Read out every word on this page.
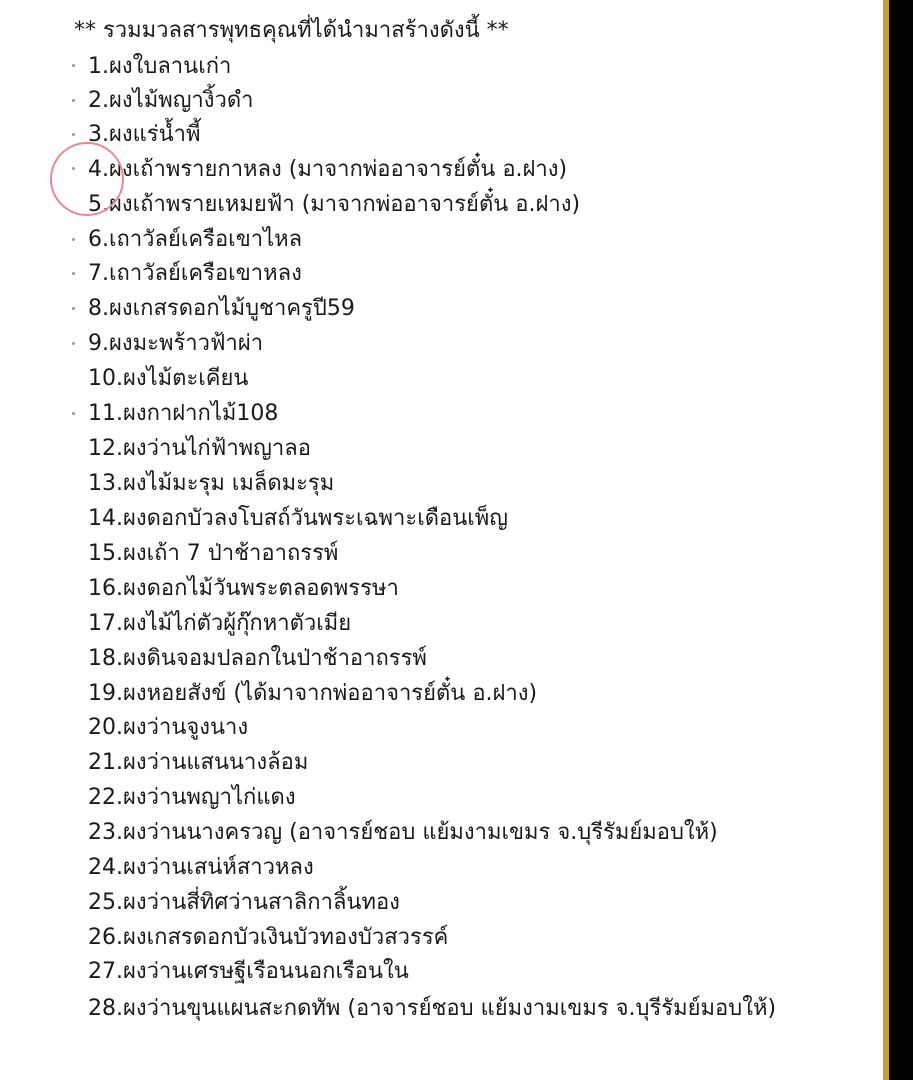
** รวมมวลสารพุทธคุณที่ได้นำมาสร้างดังนี้ **
1.ผงใบลานเก่า
2.ผงไม้พญางิ้วดำ
3.ผงแร่น้ำพี้
4.ผงเถ้าพรายกาหลง (มาจากพ่ออาจารย์ตั๋น อ.ฝาง)
5.ผงเถ้าพรายเหมยฟ้า (มาจากพ่ออาจารย์ตั๋น อ.ฝาง)
6.เถาวัลย์เครือเขาไหล
7.เถาวัลย์เครือเขาหลง
8.ผงเกสรดอกไม้บูชาครูปี59
9.ผงมะพร้าวฟ้าผ่า
10.ผงไม้ตะเคียน
11.ผงกาฝากไม้108
12.ผงว่านไก่ฟ้าพญาลอ
13.ผงไม้มะรุม เมล็ดมะรุม
14.ผงดอกบัวลงโบสถ์วันพระเฉพาะเดือนเพ็ญ
15.ผงเถ้า 7 ป่าช้าอาถรรพ์
16.ผงดอกไม้วันพระตลอดพรรษา
17.ผงไม้ไก่ตัวผู้กุ๊กหาตัวเมีย
18.ผงดินจอมปลอกในป่าช้าอาถรรพ์
19.ผงหอยสังข์ (ได้มาจากพ่ออาจารย์ตั๋น อ.ฝาง)
20.ผงว่านจูงนาง
21.ผงว่านแสนนางล้อม
22.ผงว่านพญาไก่แดง
23.ผงว่านนางครวญ (อาจารย์ชอบ แย้มงามเขมร จ.บุรีรัมย์มอบให้)
24.ผงว่านเสน่ห์สาวหลง
25.ผงว่านสี่ทิศว่านสาลิกาลิ้นทอง
26.ผงเกสรดอกบัวเงินบัวทองบัวสวรรค์
27.ผงว่านเศรษฐีเรือนนอกเรือนใน
28.ผงว่านขุนแผนสะกดทัพ (อาจารย์ชอบ แย้มงามเขมร จ.บุรีรัมย์มอบให้)
